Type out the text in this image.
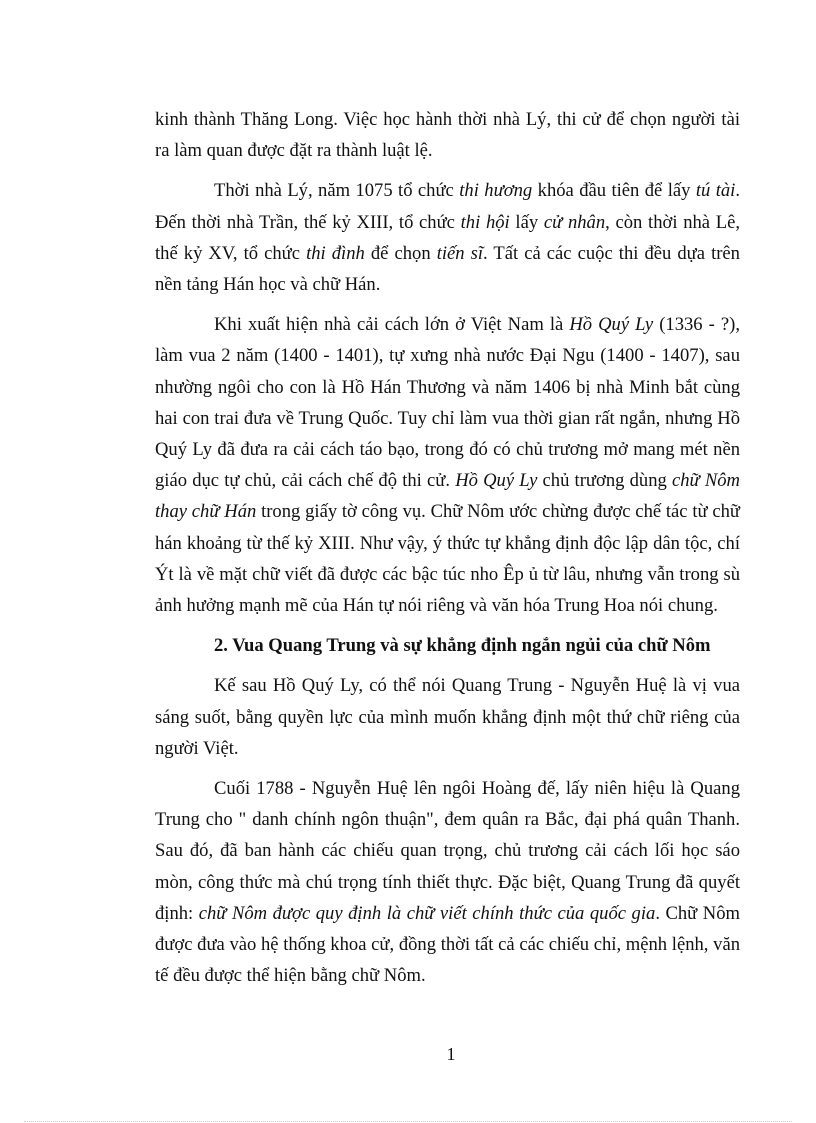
kinh thành Thăng Long. Việc học hành thời nhà Lý, thi cử để chọn người tài ra làm quan được đặt ra thành luật lệ.

Thời nhà Lý, năm 1075 tổ chức thi hương khóa đầu tiên để lấy tú tài. Đến thời nhà Trần, thế kỷ XIII, tổ chức thi hội lấy cử nhân, còn thời nhà Lê, thế kỷ XV, tổ chức thi đình để chọn tiến sĩ. Tất cả các cuộc thi đều dựa trên nền tảng Hán học và chữ Hán.

Khi xuất hiện nhà cải cách lớn ở Việt Nam là Hồ Quý Ly (1336 - ?), làm vua 2 năm (1400 - 1401), tự xưng nhà nước Đại Ngu (1400 - 1407), sau nhường ngôi cho con là Hồ Hán Thương và năm 1406 bị nhà Minh bắt cùng hai con trai đưa về Trung Quốc. Tuy chỉ làm vua thời gian rất ngắn, nhưng Hồ Quý Ly đã đưa ra cải cách táo bạo, trong đó có chủ trương mở mang mét nền giáo dục tự chủ, cải cách chế độ thi cử. Hồ Quý Ly chủ trương dùng chữ Nôm thay chữ Hán trong giấy tờ công vụ. Chữ Nôm ước chừng được chế tác từ chữ hán khoảng từ thế kỷ XIII. Như vậy, ý thức tự khẳng định độc lập dân tộc, chí Ýt là về mặt chữ viết đã được các bậc túc nho Êp ủ từ lâu, nhưng vẫn trong sù ảnh hưởng mạnh mẽ của Hán tự nói riêng và văn hóa Trung Hoa nói chung.

2. Vua Quang Trung và sự khẳng định ngắn ngủi của chữ Nôm

Kế sau Hồ Quý Ly, có thể nói Quang Trung - Nguyễn Huệ là vị vua sáng suốt, bằng quyền lực của mình muốn khẳng định một thứ chữ riêng của người Việt.

Cuối 1788 - Nguyễn Huệ lên ngôi Hoàng đế, lấy niên hiệu là Quang Trung cho " danh chính ngôn thuận", đem quân ra Bắc, đại phá quân Thanh. Sau đó, đã ban hành các chiếu quan trọng, chủ trương cải cách lối học sáo mòn, công thức mà chú trọng tính thiết thực. Đặc biệt, Quang Trung đã quyết định: chữ Nôm được quy định là chữ viết chính thức của quốc gia. Chữ Nôm được đưa vào hệ thống khoa cử, đồng thời tất cả các chiếu chỉ, mệnh lệnh, văn tế đều được thể hiện bằng chữ Nôm.

1
